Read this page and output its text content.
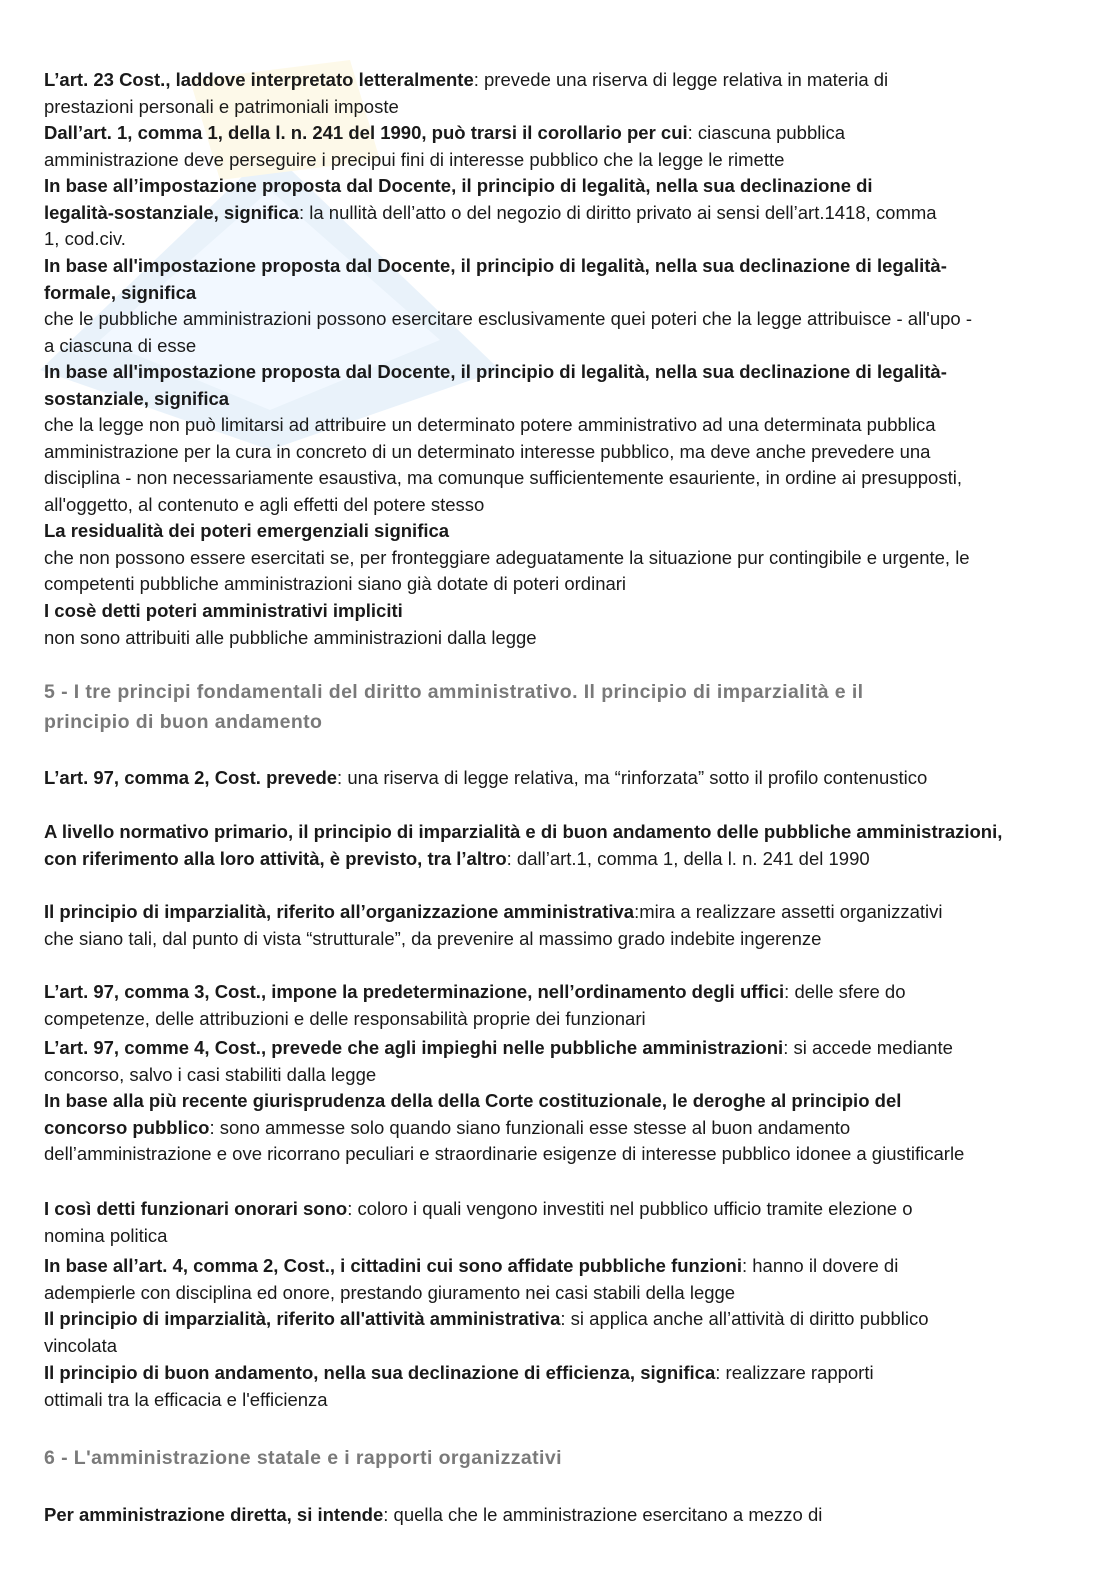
L’art. 23 Cost., laddove interpretato letteralmente: prevede una riserva di legge relativa in materia di prestazioni personali e patrimoniali imposte

Dall’art. 1, comma 1, della l. n. 241 del 1990, può trarsi il corollario per cui: ciascuna pubblica amministrazione deve perseguire i precipui fini di interesse pubblico che la legge le rimette

In base all’impostazione proposta dal Docente, il principio di legalità, nella sua declinazione di legalità-sostanziale, significa: la nullità dell’atto o del negozio di diritto privato ai sensi dell’art.1418, comma 1, cod.civ.

In base all'impostazione proposta dal Docente, il principio di legalità, nella sua declinazione di legalità-formale, significa
che le pubbliche amministrazioni possono esercitare esclusivamente quei poteri che la legge attribuisce - all'upo - a ciascuna di esse

In base all'impostazione proposta dal Docente, il principio di legalità, nella sua declinazione di legalità-sostanziale, significa
che la legge non può limitarsi ad attribuire un determinato potere amministrativo ad una determinata pubblica amministrazione per la cura in concreto di un determinato interesse pubblico, ma deve anche prevedere una disciplina - non necessariamente esaustiva, ma comunque sufficientemente esauriente, in ordine ai presupposti, all'oggetto, al contenuto e agli effetti del potere stesso

La residualità dei poteri emergenziali significa
che non possono essere esercitati se, per fronteggiare adeguatamente la situazione pur contingibile e urgente, le competenti pubbliche amministrazioni siano già dotate di poteri ordinari

I cosè detti poteri amministrativi impliciti
non sono attribuiti alle pubbliche amministrazioni dalla legge

5 - I tre principi fondamentali del diritto amministrativo. Il principio di imparzialità e il
principio di buon andamento

L’art. 97, comma 2, Cost. prevede: una riserva di legge relativa, ma “rinforzata” sotto il profilo contenustico

A livello normativo primario, il principio di imparzialità e di buon andamento delle pubbliche amministrazioni, con riferimento alla loro attività, è previsto, tra l’altro: dall’art.1, comma 1, della l. n. 241 del 1990

Il principio di imparzialità, riferito all’organizzazione amministrativa:mira a realizzare assetti organizzativi che siano tali, dal punto di vista “strutturale”, da prevenire al massimo grado indebite ingerenze

L’art. 97, comma 3, Cost., impone la predeterminazione, nell’ordinamento degli uffici: delle sfere do competenze, delle attribuzioni e delle responsabilità proprie dei funzionari

L’art. 97, comme 4, Cost., prevede che agli impieghi nelle pubbliche amministrazioni: si accede mediante concorso, salvo i casi stabiliti dalla legge

In base alla più recente giurisprudenza della della Corte costituzionale, le deroghe al principio del concorso pubblico: sono ammesse solo quando siano funzionali esse stesse al buon andamento dell’amministrazione e ove ricorrano peculiari e straordinarie esigenze di interesse pubblico idonee a giustificarle

I così detti funzionari onorari sono: coloro i quali vengono investiti nel pubblico ufficio tramite elezione o nomina politica

In base all’art. 4, comma 2, Cost., i cittadini cui sono affidate pubbliche funzioni: hanno il dovere di adempierle con disciplina ed onore, prestando giuramento nei casi stabili della legge

Il principio di imparzialità, riferito all'attività amministrativa: si applica anche all’attività di diritto pubblico vincolata

Il principio di buon andamento, nella sua declinazione di efficienza, significa: realizzare rapporti ottimali tra la efficacia e l'efficienza

6 - L'amministrazione statale e i rapporti organizzativi

Per amministrazione diretta, si intende: quella che le amministrazione esercitano a mezzo di
